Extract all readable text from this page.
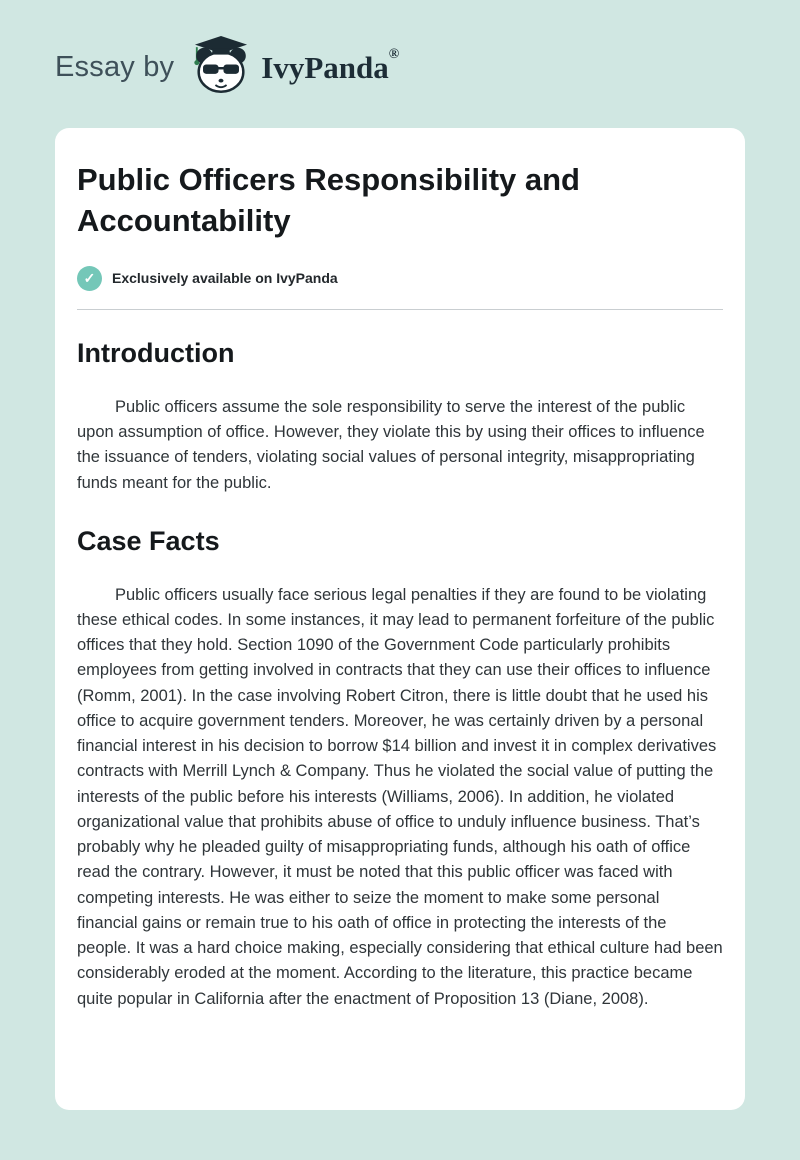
Essay by	IvyPanda®
Public Officers Responsibility and Accountability
✓	Exclusively available on IvyPanda
Introduction

Public officers assume the sole responsibility to serve the interest of the public upon assumption of office. However, they violate this by using their offices to influence the issuance of tenders, violating social values of personal integrity, misappropriating funds meant for the public.

Case Facts

Public officers usually face serious legal penalties if they are found to be violating these ethical codes. In some instances, it may lead to permanent forfeiture of the public offices that they hold. Section 1090 of the Government Code particularly prohibits employees from getting involved in contracts that they can use their offices to influence (Romm, 2001). In the case involving Robert Citron, there is little doubt that he used his office to acquire government tenders. Moreover, he was certainly driven by a personal financial interest in his decision to borrow $14 billion and invest it in complex derivatives contracts with Merrill Lynch & Company. Thus he violated the social value of putting the interests of the public before his interests (Williams, 2006). In addition, he violated organizational value that prohibits abuse of office to unduly influence business. That’s probably why he pleaded guilty of misappropriating funds, although his oath of office read the contrary. However, it must be noted that this public officer was faced with competing interests. He was either to seize the moment to make some personal financial gains or remain true to his oath of office in protecting the interests of the people. It was a hard choice making, especially considering that ethical culture had been considerably eroded at the moment. According to the literature, this practice became quite popular in California after the enactment of Proposition 13 (Diane, 2008).
